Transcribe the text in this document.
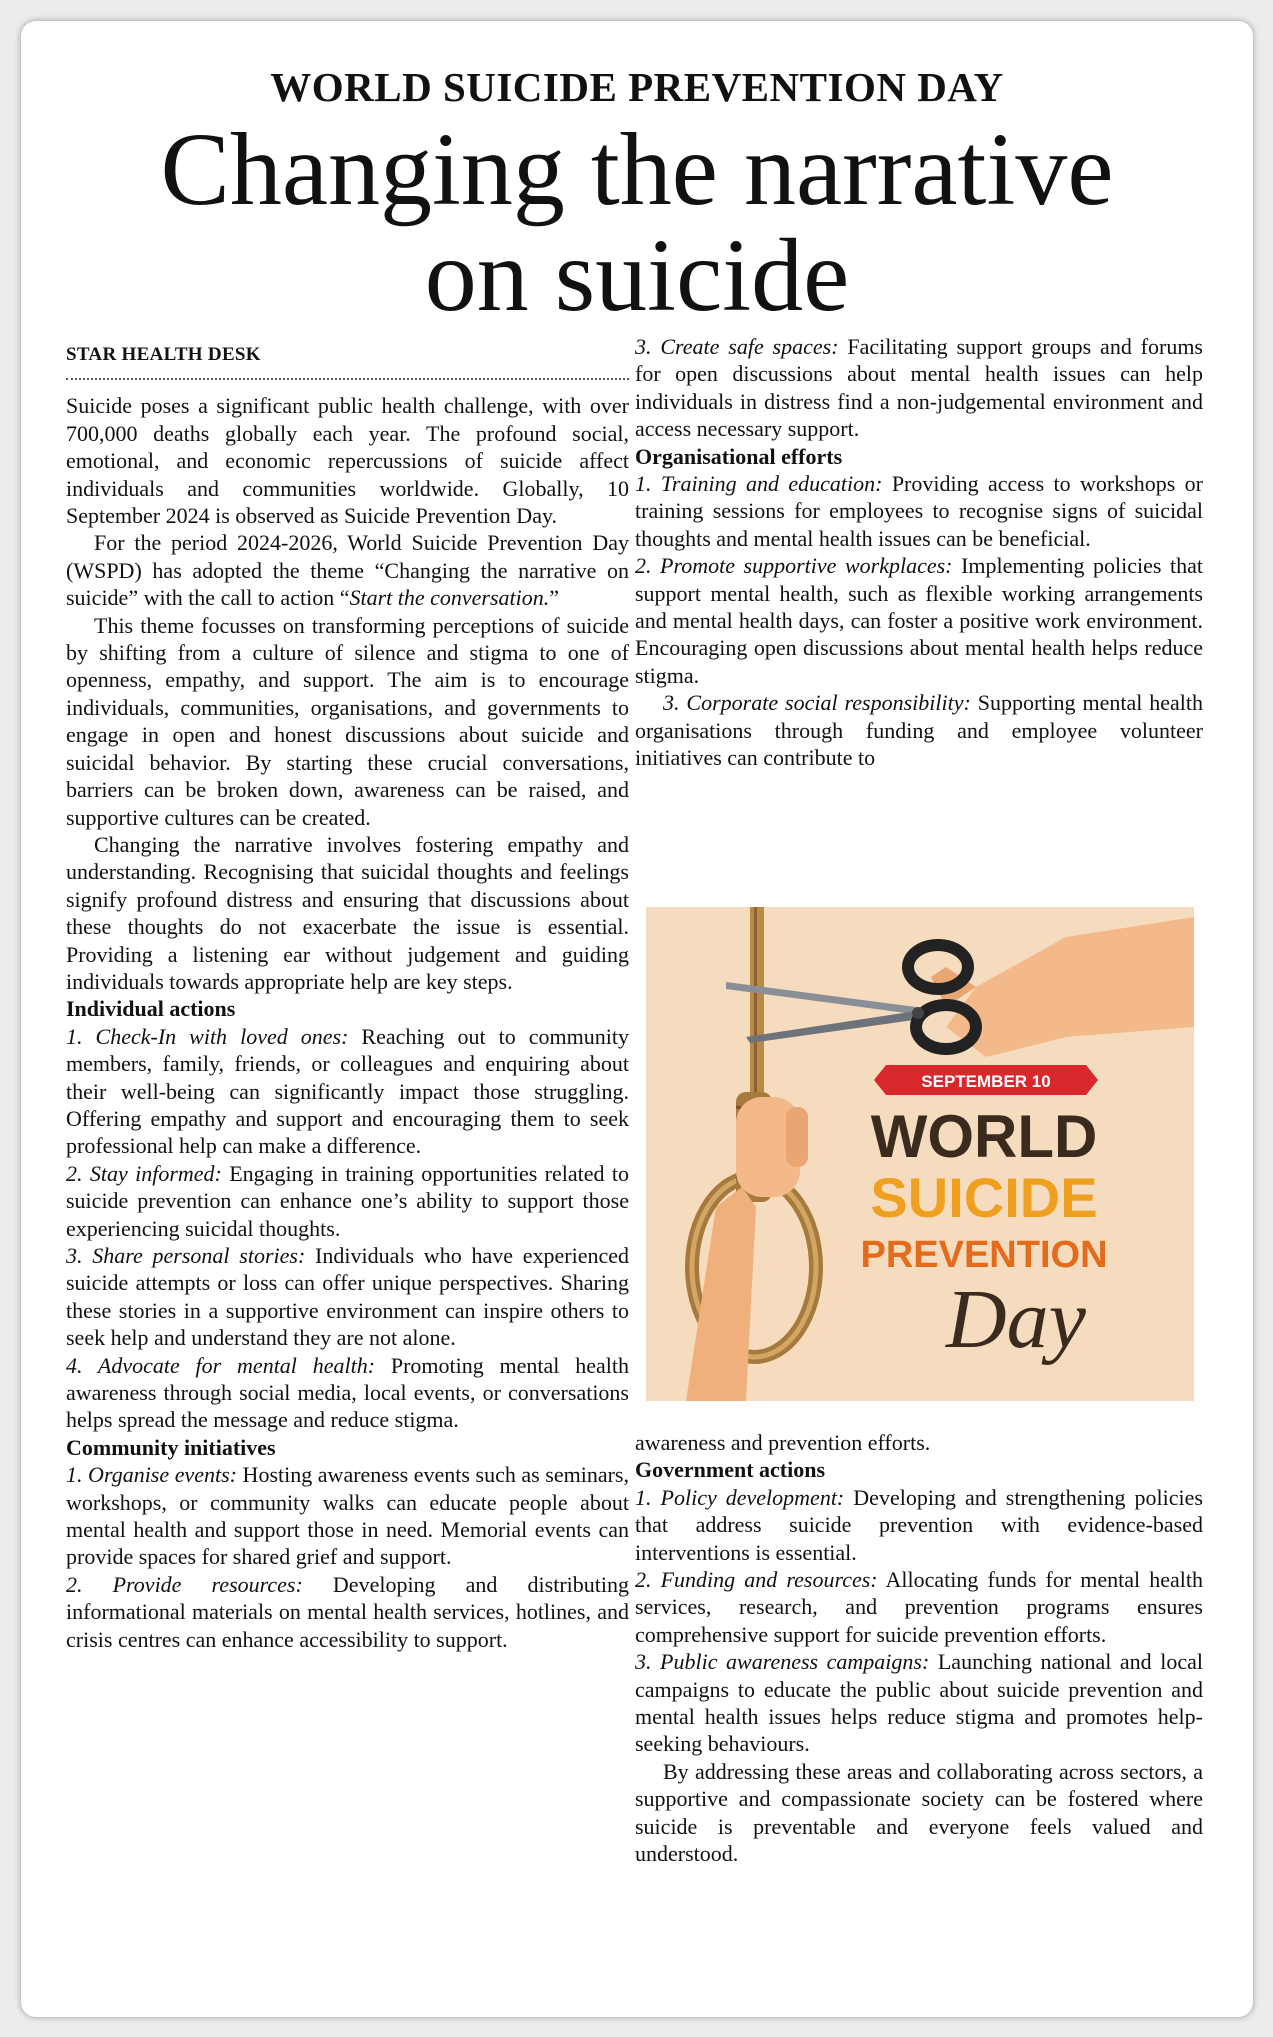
WORLD SUICIDE PREVENTION DAY
Changing the narrative
on suicide

STAR HEALTH DESK

Suicide poses a significant public health challenge, with over 700,000 deaths globally each year. The profound social, emotional, and economic repercussions of suicide affect individuals and communities worldwide. Globally, 10 September 2024 is observed as Suicide Prevention Day.

For the period 2024-2026, World Suicide Prevention Day (WSPD) has adopted the theme “Changing the narrative on suicide” with the call to action “Start the conversation.”

This theme focusses on transforming perceptions of suicide by shifting from a culture of silence and stigma to one of openness, empathy, and support. The aim is to encourage individuals, communities, organisations, and governments to engage in open and honest discussions about suicide and suicidal behavior. By starting these crucial conversations, barriers can be broken down, awareness can be raised, and supportive cultures can be created.

Changing the narrative involves fostering empathy and understanding. Recognising that suicidal thoughts and feelings signify profound distress and ensuring that discussions about these thoughts do not exacerbate the issue is essential. Providing a listening ear without judgement and guiding individuals towards appropriate help are key steps.

Individual actions

1. Check-In with loved ones: Reaching out to community members, family, friends, or colleagues and enquiring about their well-being can significantly impact those struggling. Offering empathy and support and encouraging them to seek professional help can make a difference.

2. Stay informed: Engaging in training opportunities related to suicide prevention can enhance one’s ability to support those experiencing suicidal thoughts.

3. Share personal stories: Individuals who have experienced suicide attempts or loss can offer unique perspectives. Sharing these stories in a supportive environment can inspire others to seek help and understand they are not alone.

4. Advocate for mental health: Promoting mental health awareness through social media, local events, or conversations helps spread the message and reduce stigma.

Community initiatives

1. Organise events: Hosting awareness events such as seminars, workshops, or community walks can educate people about mental health and support those in need. Memorial events can provide spaces for shared grief and support.

2. Provide resources: Developing and distributing informational materials on mental health services, hotlines, and crisis centres can enhance accessibility to support.

3. Create safe spaces: Facilitating support groups and forums for open discussions about mental health issues can help individuals in distress find a non-judgemental environment and access necessary support.

Organisational efforts

1. Training and education: Providing access to workshops or training sessions for employees to recognise signs of suicidal thoughts and mental health issues can be beneficial.

2. Promote supportive workplaces: Implementing policies that support mental health, such as flexible working arrangements and mental health days, can foster a positive work environment. Encouraging open discussions about mental health helps reduce stigma.

3. Corporate social responsibility: Supporting mental health organisations through funding and employee volunteer initiatives can contribute to

SEPTEMBER 10
WORLD
SUICIDE
PREVENTION
Day

awareness and prevention efforts.

Government actions

1. Policy development: Developing and strengthening policies that address suicide prevention with evidence-based interventions is essential.

2. Funding and resources: Allocating funds for mental health services, research, and prevention programs ensures comprehensive support for suicide prevention efforts.

3. Public awareness campaigns: Launching national and local campaigns to educate the public about suicide prevention and mental health issues helps reduce stigma and promotes help-seeking behaviours.

By addressing these areas and collaborating across sectors, a supportive and compassionate society can be fostered where suicide is preventable and everyone feels valued and understood.
